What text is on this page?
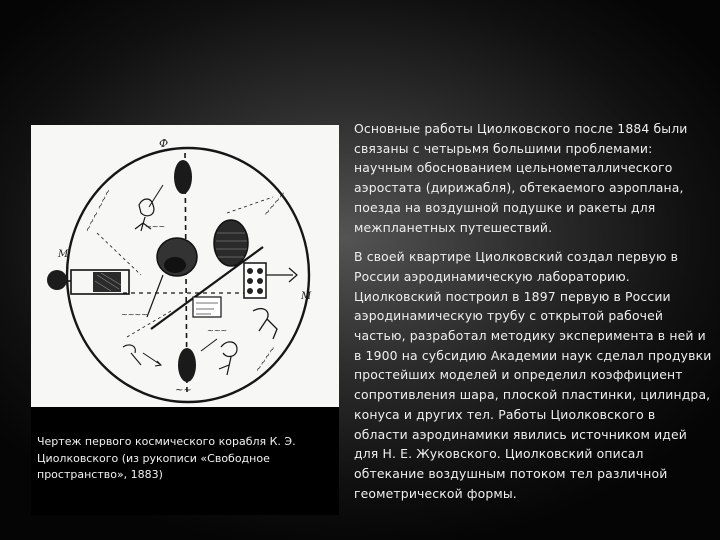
M
M
Ф
~~~ ~~~	~~~~
~~~~
~~~
~~~~
~~~
~~
Чертеж первого космического корабля К. Э. Циолковского (из рукописи «Свободное пространство», 1883)

Основные работы Циолковского после 1884 были связаны с четырьмя большими проблемами: научным обоснованием цельнометаллического аэростата (дирижабля), обтекаемого аэроплана, поезда на воздушной подушке и ракеты для межпланетных путешествий.

В своей квартире Циолковский создал первую в России аэродинамическую лабораторию. Циолковский построил в 1897 первую в России аэродинамическую трубу с открытой рабочей частью, разработал методику эксперимента в ней и в 1900 на субсидию Академии наук сделал продувки простейших моделей и определил коэффициент сопротивления шара, плоской пластинки, цилиндра, конуса и других тел. Работы Циолковского в области аэродинамики явились источником идей для Н. Е. Жуковского. Циолковский описал обтекание воздушным потоком тел различной геометрической формы.
